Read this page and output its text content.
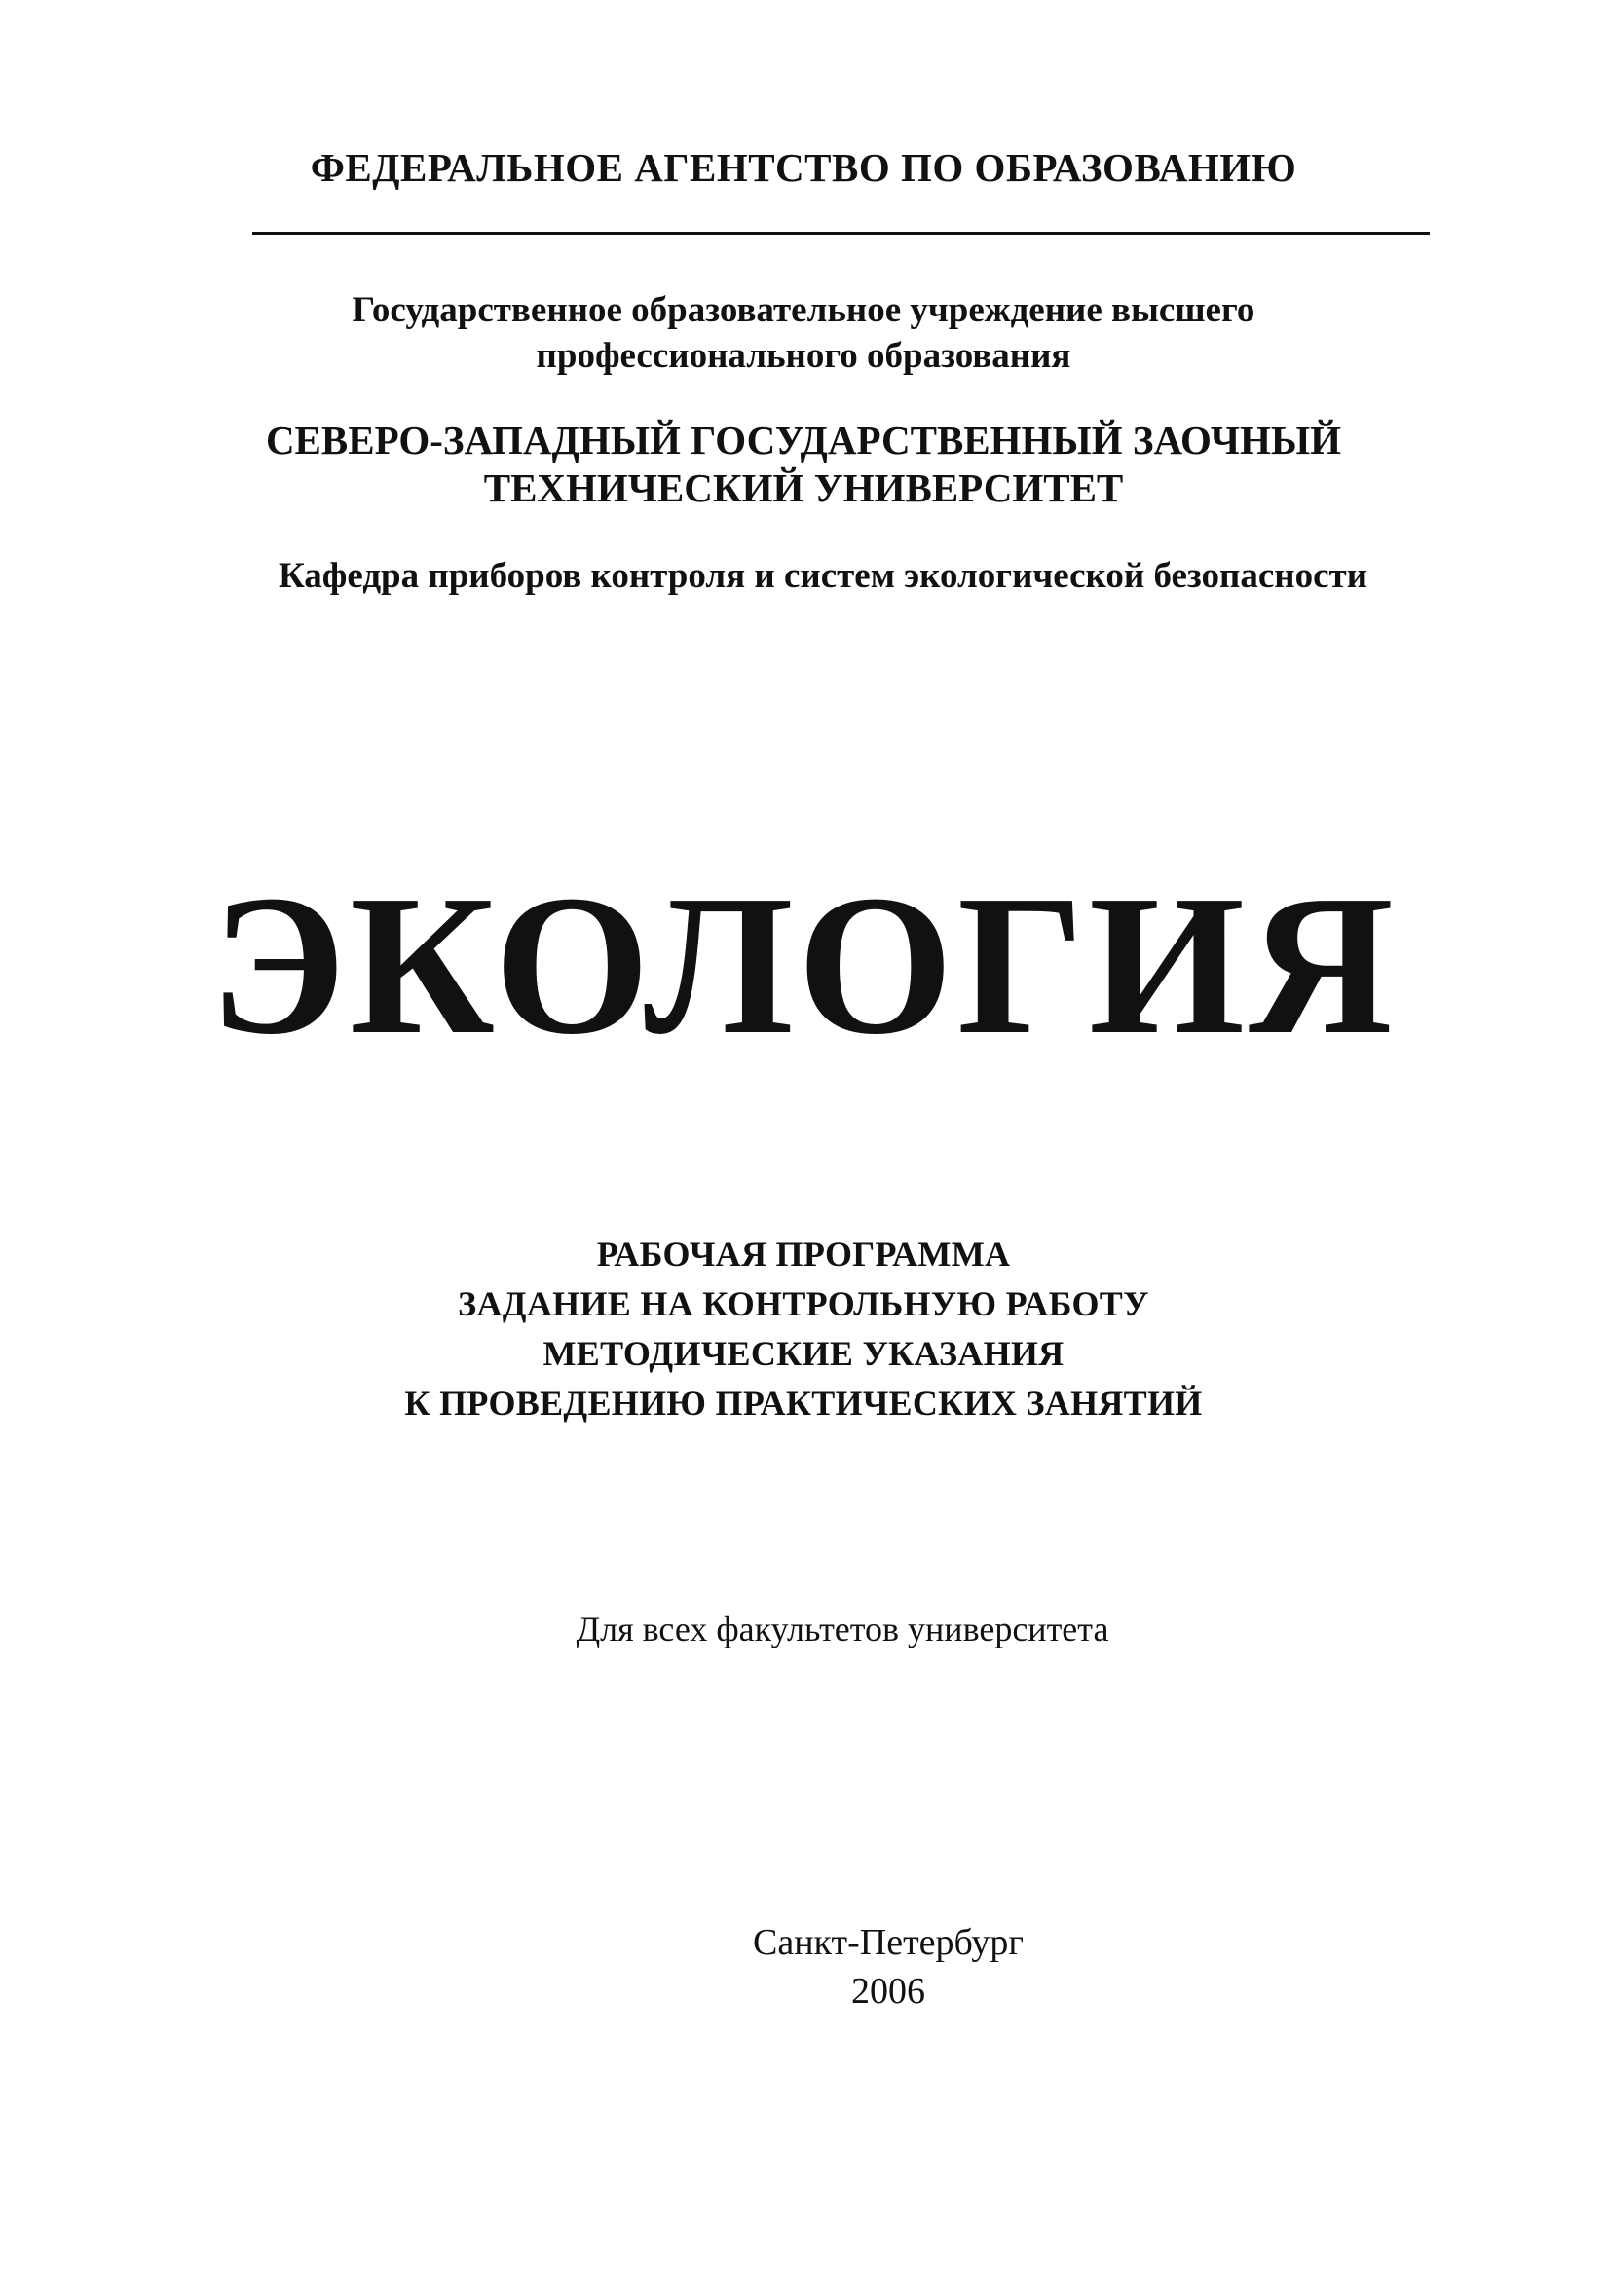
ФЕДЕРАЛЬНОЕ АГЕНТСТВО ПО ОБРАЗОВАНИЮ
Государственное образовательное учреждение высшего
профессионального образования
СЕВЕРО-ЗАПАДНЫЙ ГОСУДАРСТВЕННЫЙ ЗАОЧНЫЙ
ТЕХНИЧЕСКИЙ УНИВЕРСИТЕТ
Кафедра приборов контроля и систем экологической безопасности
ЭКОЛОГИЯ
РАБОЧАЯ ПРОГРАММА
ЗАДАНИЕ НА КОНТРОЛЬНУЮ РАБОТУ
МЕТОДИЧЕСКИЕ УКАЗАНИЯ
К ПРОВЕДЕНИЮ ПРАКТИЧЕСКИХ ЗАНЯТИЙ
Для всех факультетов университета
Санкт-Петербург
2006
